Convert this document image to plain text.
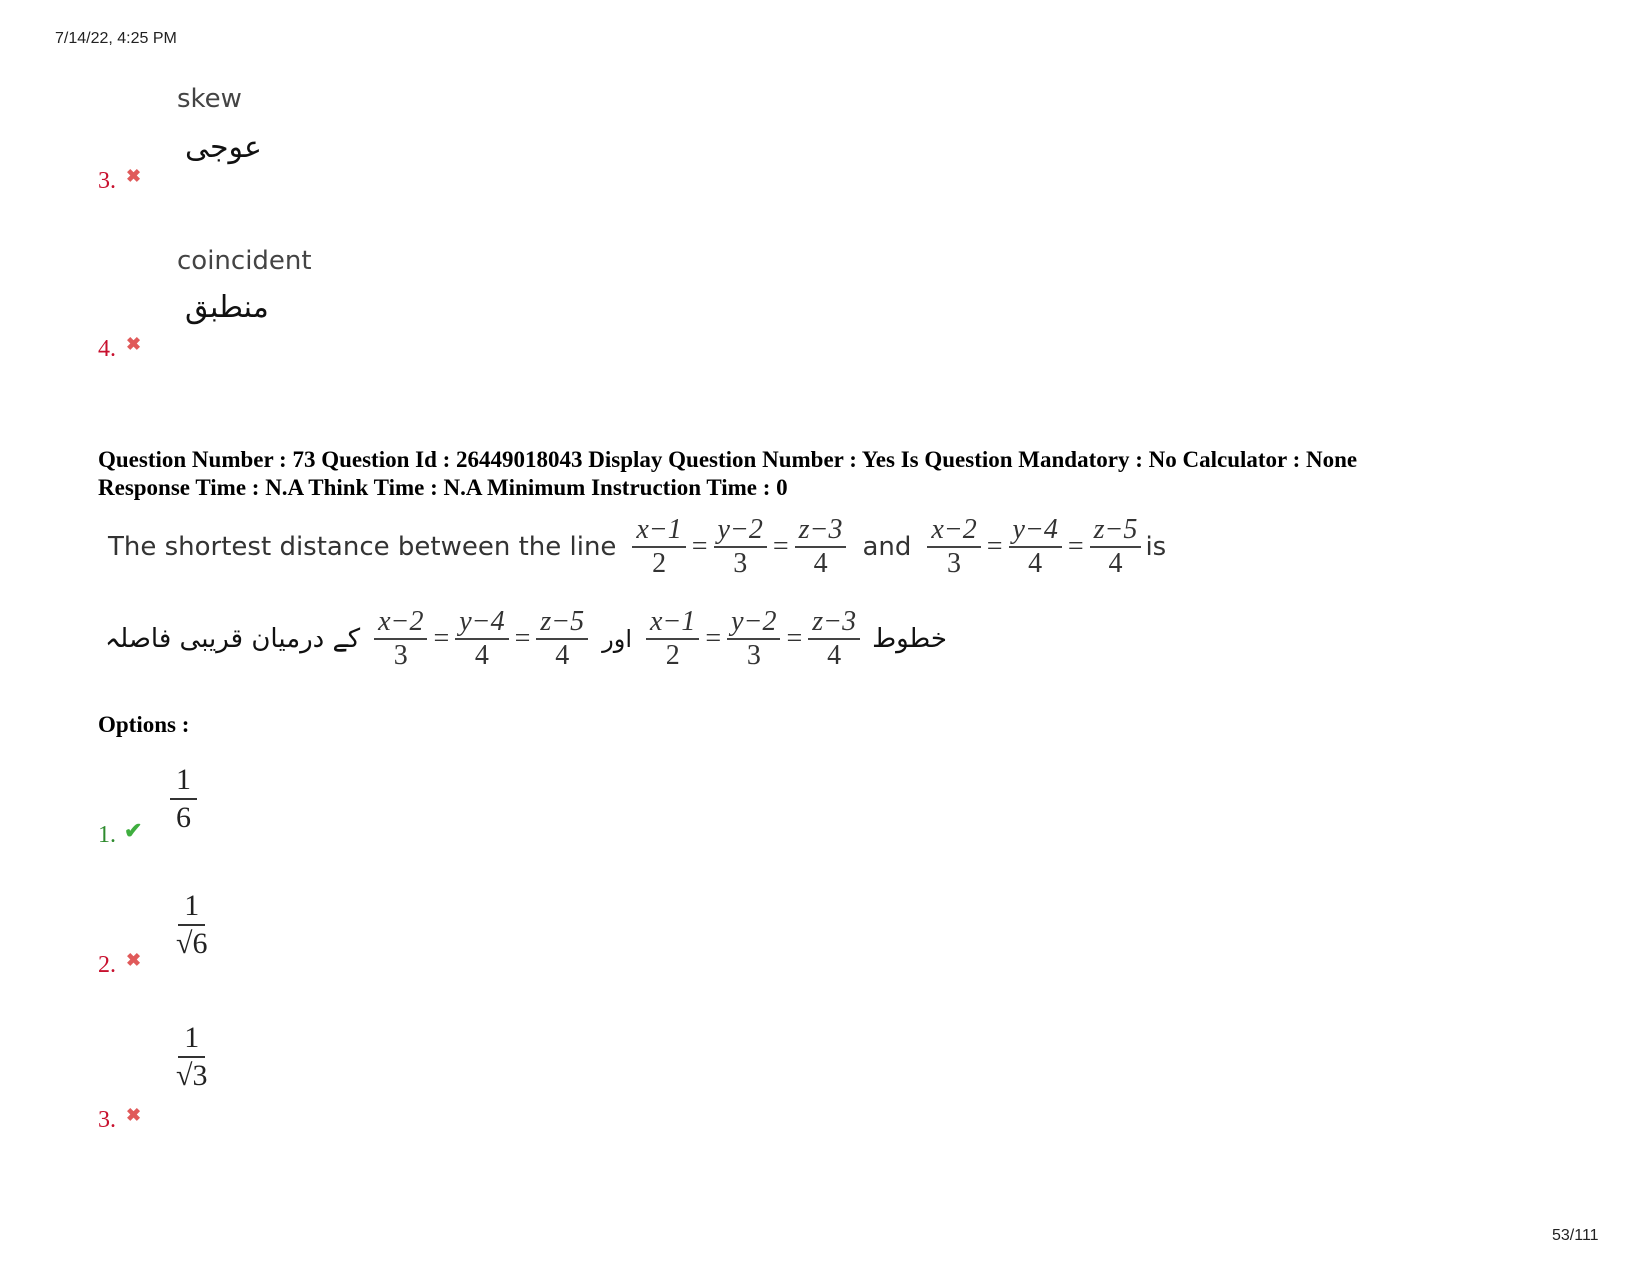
7/14/22, 4:25 PM
53/111
skew
عوجی
3. ✖
coincident
منطبق
4. ✖
Question Number : 73 Question Id : 26449018043 Display Question Number : Yes Is Question Mandatory : No Calculator : None
Response Time : N.A Think Time : N.A Minimum Instruction Time : 0
The shortest distance between the line $\frac{x-1}{2} = \frac{y-2}{3} = \frac{z-3}{4}$ and $\frac{x-2}{3} = \frac{y-4}{4} = \frac{z-5}{4}$ is
کے درمیان قریبی فاصلہ $\frac{x-2}{3} = \frac{y-4}{4} = \frac{z-5}{4}$ اور $\frac{x-1}{2} = \frac{y-2}{3} = \frac{z-3}{4}$ خطوط
Options :
1
6
1. ✔
1
√6
2. ✖
1
√3
3. ✖
